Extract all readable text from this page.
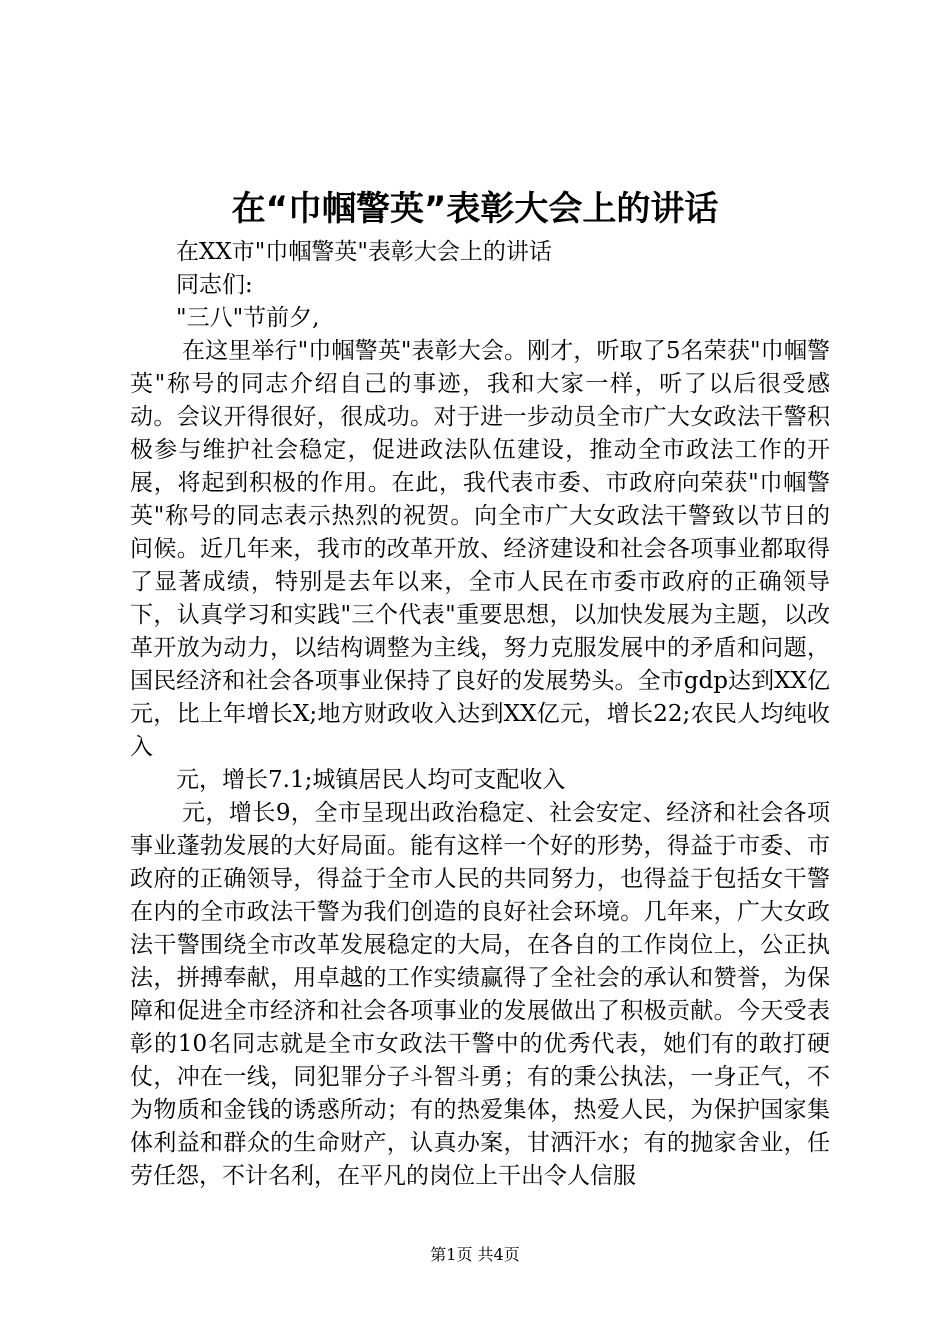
在“巾帼警英”表彰大会上的讲话

在XX市"巾帼警英"表彰大会上的讲话

同志们:

"三八"节前夕,

在这里举行"巾帼警英"表彰大会。刚才，听取了5名荣获"巾帼警英"称号的同志介绍自己的事迹，我和大家一样，听了以后很受感动。会议开得很好，很成功。对于进一步动员全市广大女政法干警积极参与维护社会稳定，促进政法队伍建设，推动全市政法工作的开展，将起到积极的作用。在此，我代表市委、市政府向荣获"巾帼警英"称号的同志表示热烈的祝贺。向全市广大女政法干警致以节日的问候。近几年来，我市的改革开放、经济建设和社会各项事业都取得了显著成绩，特别是去年以来，全市人民在市委市政府的正确领导下，认真学习和实践"三个代表"重要思想，以加快发展为主题，以改革开放为动力，以结构调整为主线，努力克服发展中的矛盾和问题，国民经济和社会各项事业保持了良好的发展势头。全市gdp达到XX亿元，比上年增长X;地方财政收入达到XX亿元，增长22;农民人均纯收入

元，增长7.1;城镇居民人均可支配收入

元，增长9，全市呈现出政治稳定、社会安定、经济和社会各项事业蓬勃发展的大好局面。能有这样一个好的形势，得益于市委、市政府的正确领导，得益于全市人民的共同努力，也得益于包括女干警在内的全市政法干警为我们创造的良好社会环境。几年来，广大女政法干警围绕全市改革发展稳定的大局，在各自的工作岗位上，公正执法，拼搏奉献，用卓越的工作实绩赢得了全社会的承认和赞誉，为保障和促进全市经济和社会各项事业的发展做出了积极贡献。今天受表彰的10名同志就是全市女政法干警中的优秀代表，她们有的敢打硬仗，冲在一线，同犯罪分子斗智斗勇；有的秉公执法，一身正气，不为物质和金钱的诱惑所动；有的热爱集体，热爱人民，为保护国家集体利益和群众的生命财产，认真办案，甘洒汗水；有的抛家舍业，任劳任怨，不计名利，在平凡的岗位上干出令人信服

第1页 共4页
